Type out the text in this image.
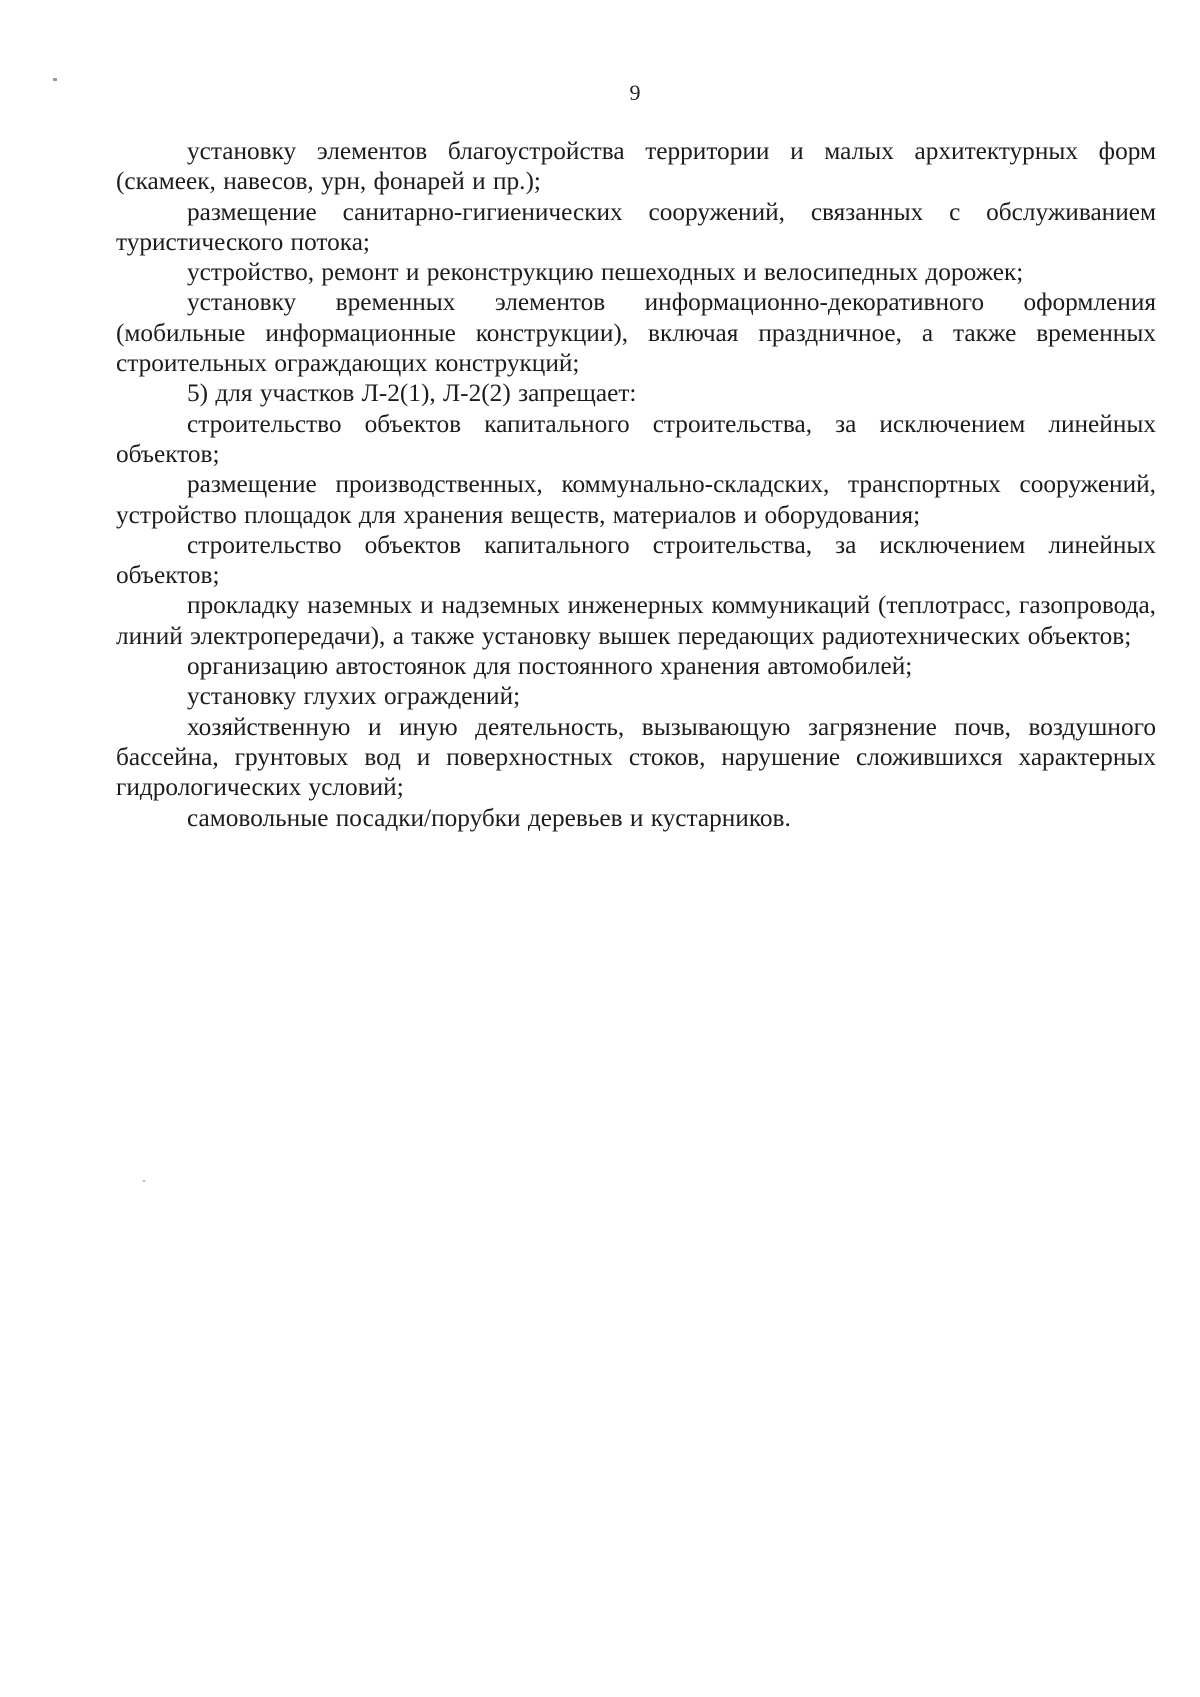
9

установку элементов благоустройства территории и малых архитектурных форм (скамеек, навесов, урн, фонарей и пр.);

размещение санитарно-гигиенических сооружений, связанных с обслуживанием туристического потока;

устройство, ремонт и реконструкцию пешеходных и велосипедных дорожек;

установку временных элементов информационно-декоративного оформления (мобильные информационные конструкции), включая праздничное, а также временных строительных ограждающих конструкций;

5) для участков Л-2(1), Л-2(2) запрещает:

строительство объектов капитального строительства, за исключением линейных объектов;

размещение производственных, коммунально-складских, транспортных сооружений, устройство площадок для хранения веществ, материалов и оборудования;

строительство объектов капитального строительства, за исключением линейных объектов;

прокладку наземных и надземных инженерных коммуникаций (теплотрасс, газопровода, линий электропередачи), а также установку вышек передающих радиотехнических объектов;

организацию автостоянок для постоянного хранения автомобилей;

установку глухих ограждений;

хозяйственную и иную деятельность, вызывающую загрязнение почв, воздушного бассейна, грунтовых вод и поверхностных стоков, нарушение сложившихся характерных гидрологических условий;

самовольные посадки/порубки деревьев и кустарников.
